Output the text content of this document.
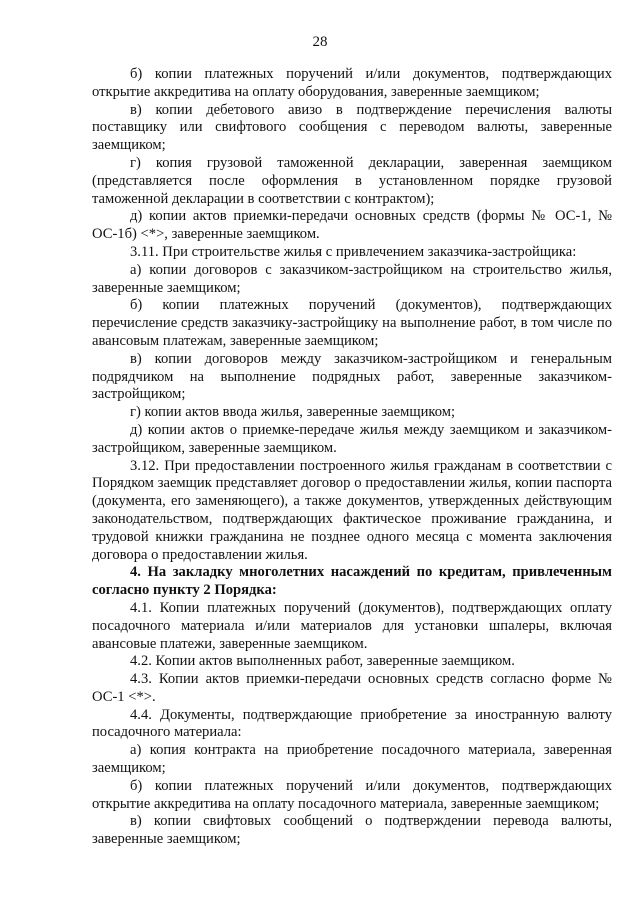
28

б) копии платежных поручений и/или документов, подтверждающих открытие аккредитива на оплату оборудования, заверенные заемщиком;

в) копии дебетового авизо в подтверждение перечисления валюты поставщику или свифтового сообщения с переводом валюты, заверенные заемщиком;

г) копия грузовой таможенной декларации, заверенная заемщиком (представляется после оформления в установленном порядке грузовой таможенной декларации в соответствии с контрактом);

д) копии актов приемки-передачи основных средств (формы № ОС-1, № ОС-1б) <*>, заверенные заемщиком.

3.11. При строительстве жилья с привлечением заказчика-застройщика:

а) копии договоров с заказчиком-застройщиком на строительство жилья, заверенные заемщиком;

б) копии платежных поручений (документов), подтверждающих перечисление средств заказчику-застройщику на выполнение работ, в том числе по авансовым платежам, заверенные заемщиком;

в) копии договоров между заказчиком-застройщиком и генеральным подрядчиком на выполнение подрядных работ, заверенные заказчиком-застройщиком;

г) копии актов ввода жилья, заверенные заемщиком;

д) копии актов о приемке-передаче жилья между заемщиком и заказчиком-застройщиком, заверенные заемщиком.

3.12. При предоставлении построенного жилья гражданам в соответствии с Порядком заемщик представляет договор о предоставлении жилья, копии паспорта (документа, его заменяющего), а также документов, утвержденных действующим законодательством, подтверждающих фактическое проживание гражданина, и трудовой книжки гражданина не позднее одного месяца с момента заключения договора о предоставлении жилья.

4. На закладку многолетних насаждений по кредитам, привлеченным согласно пункту 2 Порядка:

4.1. Копии платежных поручений (документов), подтверждающих оплату посадочного материала и/или материалов для установки шпалеры, включая авансовые платежи, заверенные заемщиком.

4.2. Копии актов выполненных работ, заверенные заемщиком.

4.3. Копии актов приемки-передачи основных средств согласно форме № ОС-1 <*>.

4.4. Документы, подтверждающие приобретение за иностранную валюту посадочного материала:

а) копия контракта на приобретение посадочного материала, заверенная заемщиком;

б) копии платежных поручений и/или документов, подтверждающих открытие аккредитива на оплату посадочного материала, заверенные заемщиком;

в) копии свифтовых сообщений о подтверждении перевода валюты, заверенные заемщиком;
